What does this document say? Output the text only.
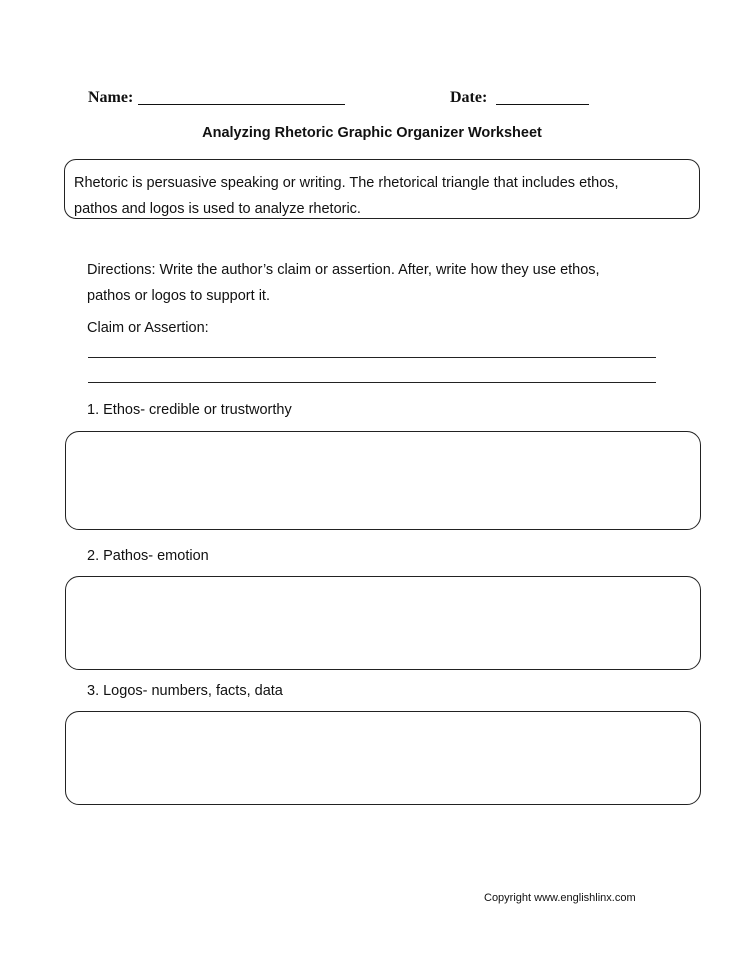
Name:	Date:
Analyzing Rhetoric Graphic Organizer Worksheet
Rhetoric is persuasive speaking or writing. The rhetorical triangle that includes ethos,
pathos and logos is used to analyze rhetoric.
Directions: Write the author’s claim or assertion. After, write how they use ethos,
pathos or logos to support it.
Claim or Assertion:
1. Ethos- credible or trustworthy
2. Pathos- emotion
3. Logos- numbers, facts, data
Copyright www.englishlinx.com
